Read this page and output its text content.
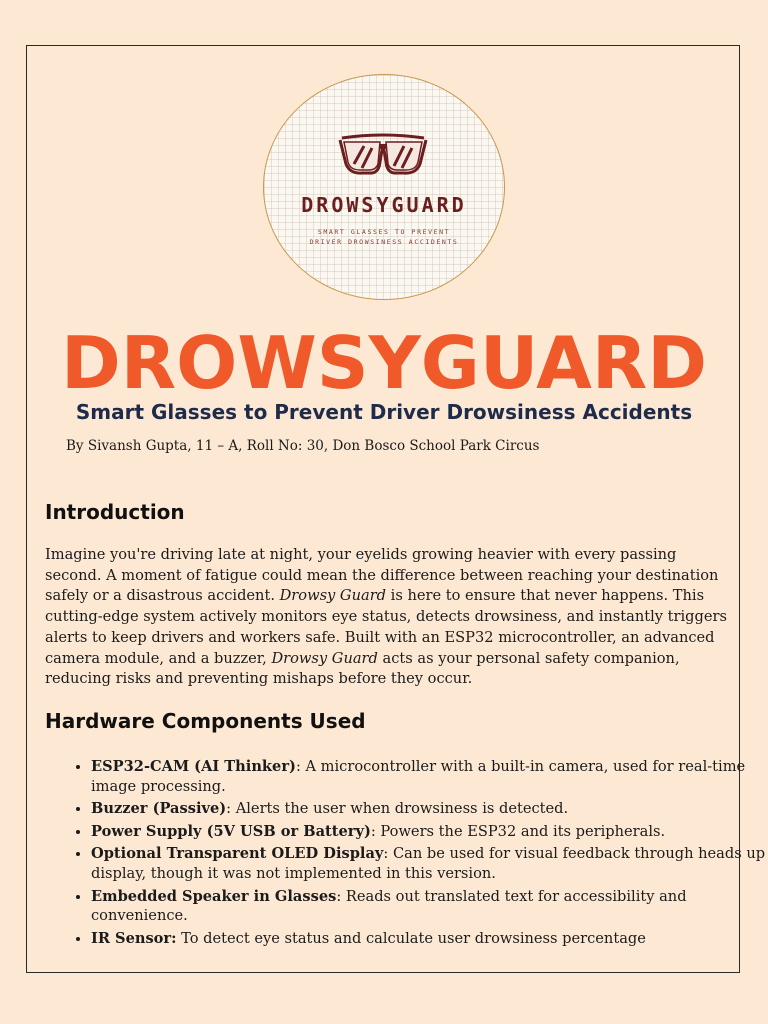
DROWSYGUARD
SMART GLASSES TO PREVENT
DRIVER DROWSINESS ACCIDENTS
DROWSYGUARD
Smart Glasses to Prevent Driver Drowsiness Accidents
By Sivansh Gupta, 11 – A, Roll No: 30, Don Bosco School Park Circus
Introduction

Imagine you're driving late at night, your eyelids growing heavier with every passing second. A moment of fatigue could mean the difference between reaching your destination safely or a disastrous accident. Drowsy Guard is here to ensure that never happens. This cutting-edge system actively monitors eye status, detects drowsiness, and instantly triggers alerts to keep drivers and workers safe. Built with an ESP32 microcontroller, an advanced camera module, and a buzzer, Drowsy Guard acts as your personal safety companion, reducing risks and preventing mishaps before they occur.

Hardware Components Used
• ESP32-CAM (AI Thinker): A microcontroller with a built-in camera, used for real-time image processing.
• Buzzer (Passive): Alerts the user when drowsiness is detected.
• Power Supply (5V USB or Battery): Powers the ESP32 and its peripherals.
• Optional Transparent OLED Display: Can be used for visual feedback through heads up display, though it was not implemented in this version.
• Embedded Speaker in Glasses: Reads out translated text for accessibility and convenience.
• IR Sensor: To detect eye status and calculate user drowsiness percentage
